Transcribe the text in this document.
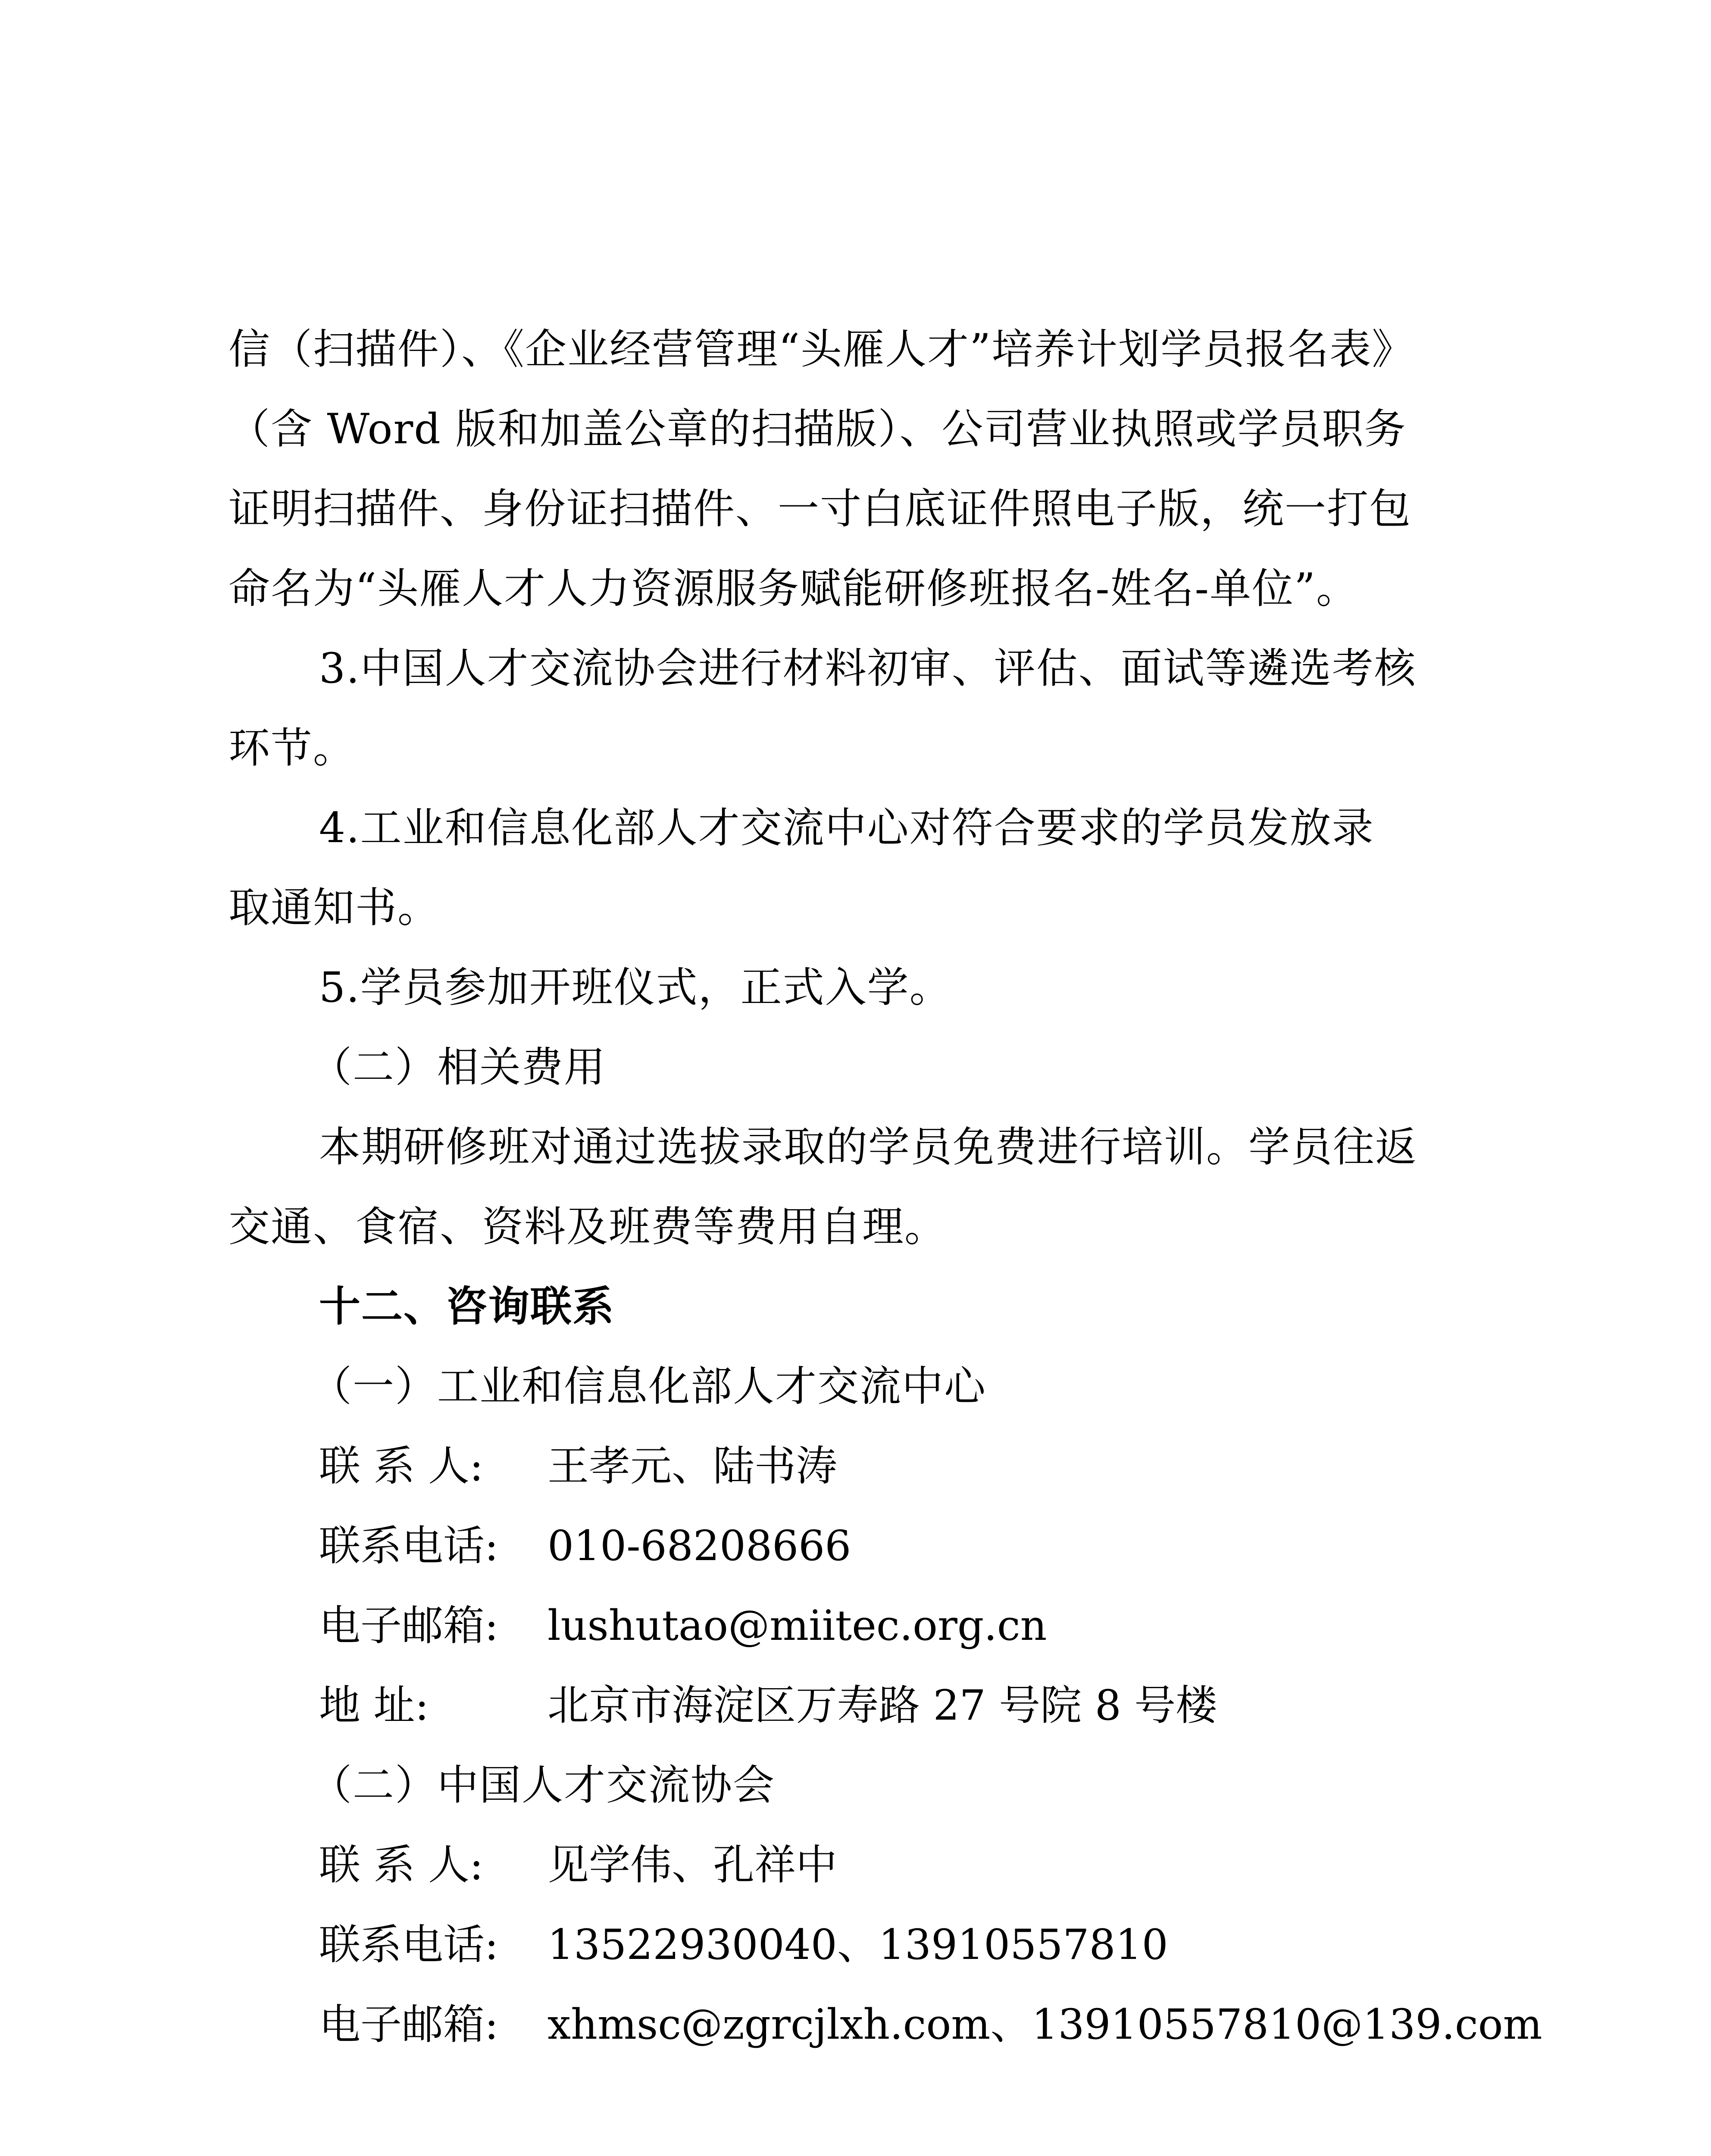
信（扫描件）、《企业经营管理“头雁人才”培养计划学员报名表》
（含 Word 版和加盖公章的扫描版）、公司营业执照或学员职务
证明扫描件、身份证扫描件、一寸白底证件照电子版，统一打包
命名为“头雁人才人力资源服务赋能研修班报名-姓名-单位”。
3.中国人才交流协会进行材料初审、评估、面试等遴选考核
环节。
4.工业和信息化部人才交流中心对符合要求的学员发放录
取通知书。
5.学员参加开班仪式，正式入学。
（二）相关费用
本期研修班对通过选拔录取的学员免费进行培训。学员往返
交通、食宿、资料及班费等费用自理。
十二、咨询联系
（一）工业和信息化部人才交流中心
联 系 人: 王孝元、陆书涛
联系电话: 010-68208666
电子邮箱: lushutao@miitec.org.cn
地 址:	北京市海淀区万寿路 27 号院 8 号楼
（二）中国人才交流协会
联 系 人: 见学伟、孔祥中
联系电话: 13522930040、13910557810
电子邮箱: xhmsc@zgrcjlxh.com、13910557810@139.com
